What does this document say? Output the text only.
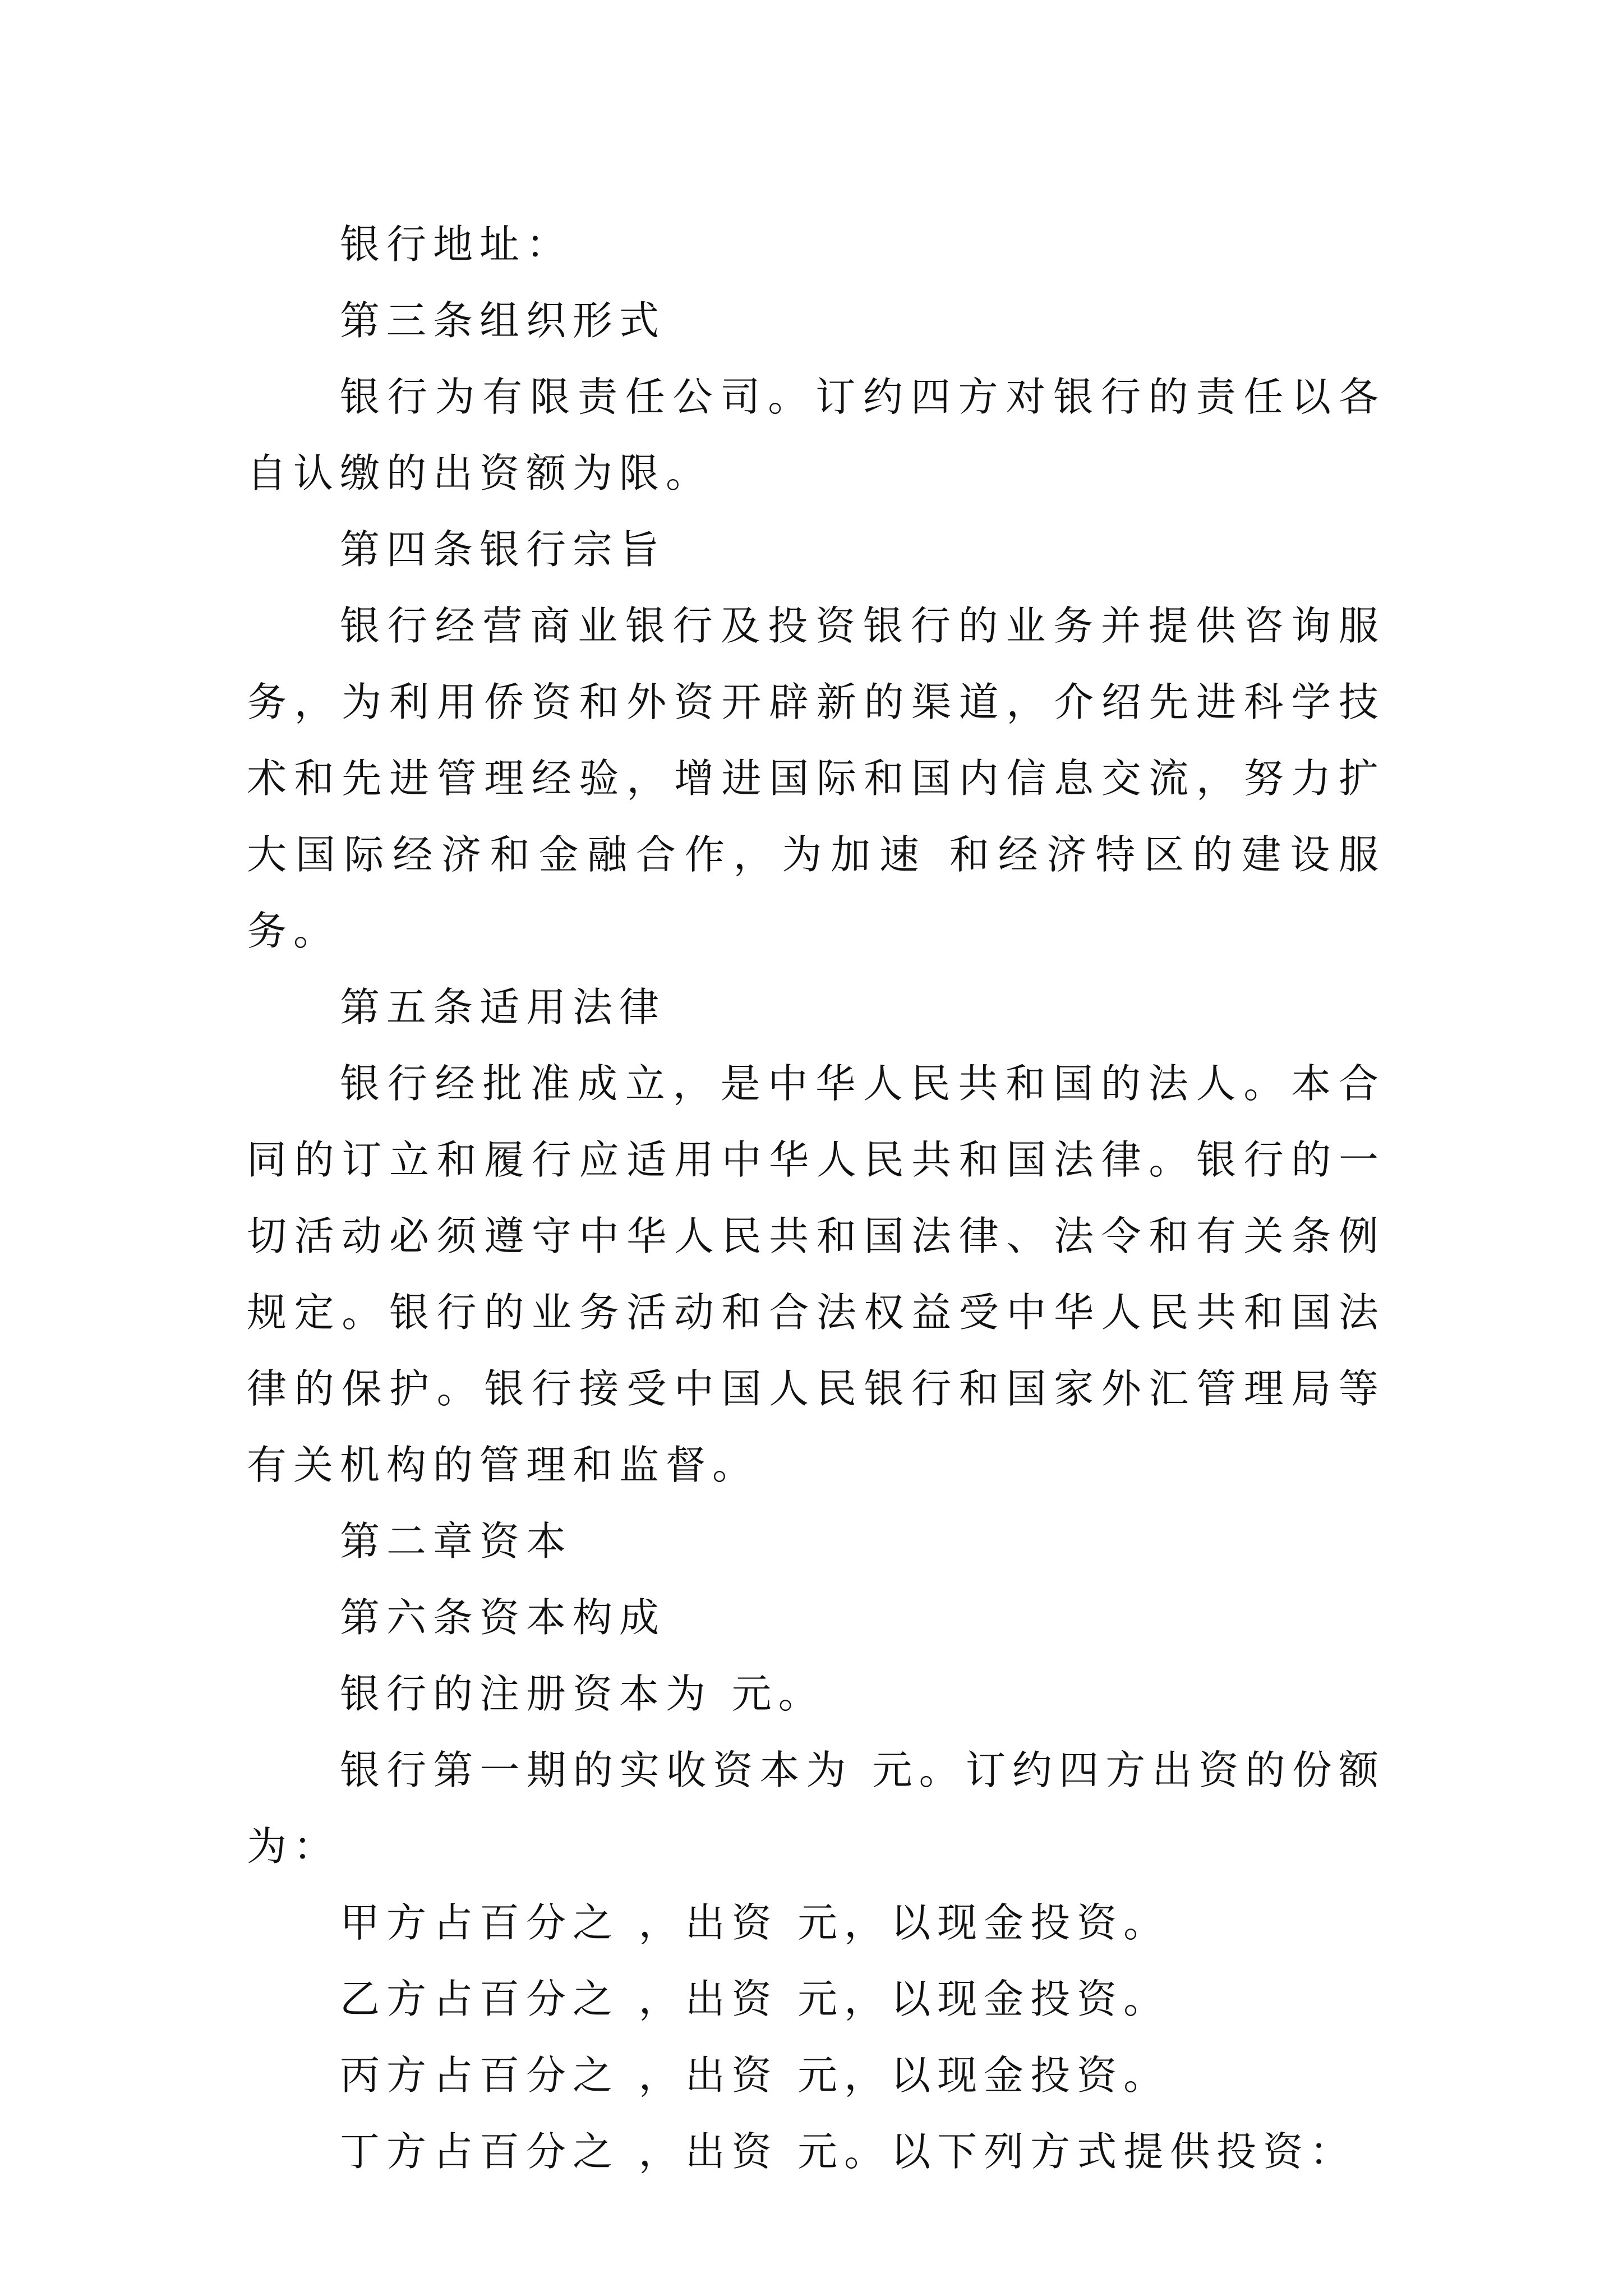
银行地址：

第三条组织形式

银行为有限责任公司。订约四方对银行的责任以各自认缴的出资额为限。

第四条银行宗旨

银行经营商业银行及投资银行的业务并提供咨询服务，为利用侨资和外资开辟新的渠道，介绍先进科学技术和先进管理经验，增进国际和国内信息交流，努力扩大国际经济和金融合作，为加速 和经济特区的建设服务。

第五条适用法律

银行经批准成立，是中华人民共和国的法人。本合同的订立和履行应适用中华人民共和国法律。银行的一切活动必须遵守中华人民共和国法律、法令和有关条例规定。银行的业务活动和合法权益受中华人民共和国法律的保护。银行接受中国人民银行和国家外汇管理局等有关机构的管理和监督。

第二章资本

第六条资本构成

银行的注册资本为 元。

银行第一期的实收资本为 元。订约四方出资的份额为：

甲方占百分之 ，出资 元，以现金投资。

乙方占百分之 ，出资 元，以现金投资。

丙方占百分之 ，出资 元，以现金投资。

丁方占百分之 ，出资 元。以下列方式提供投资：
